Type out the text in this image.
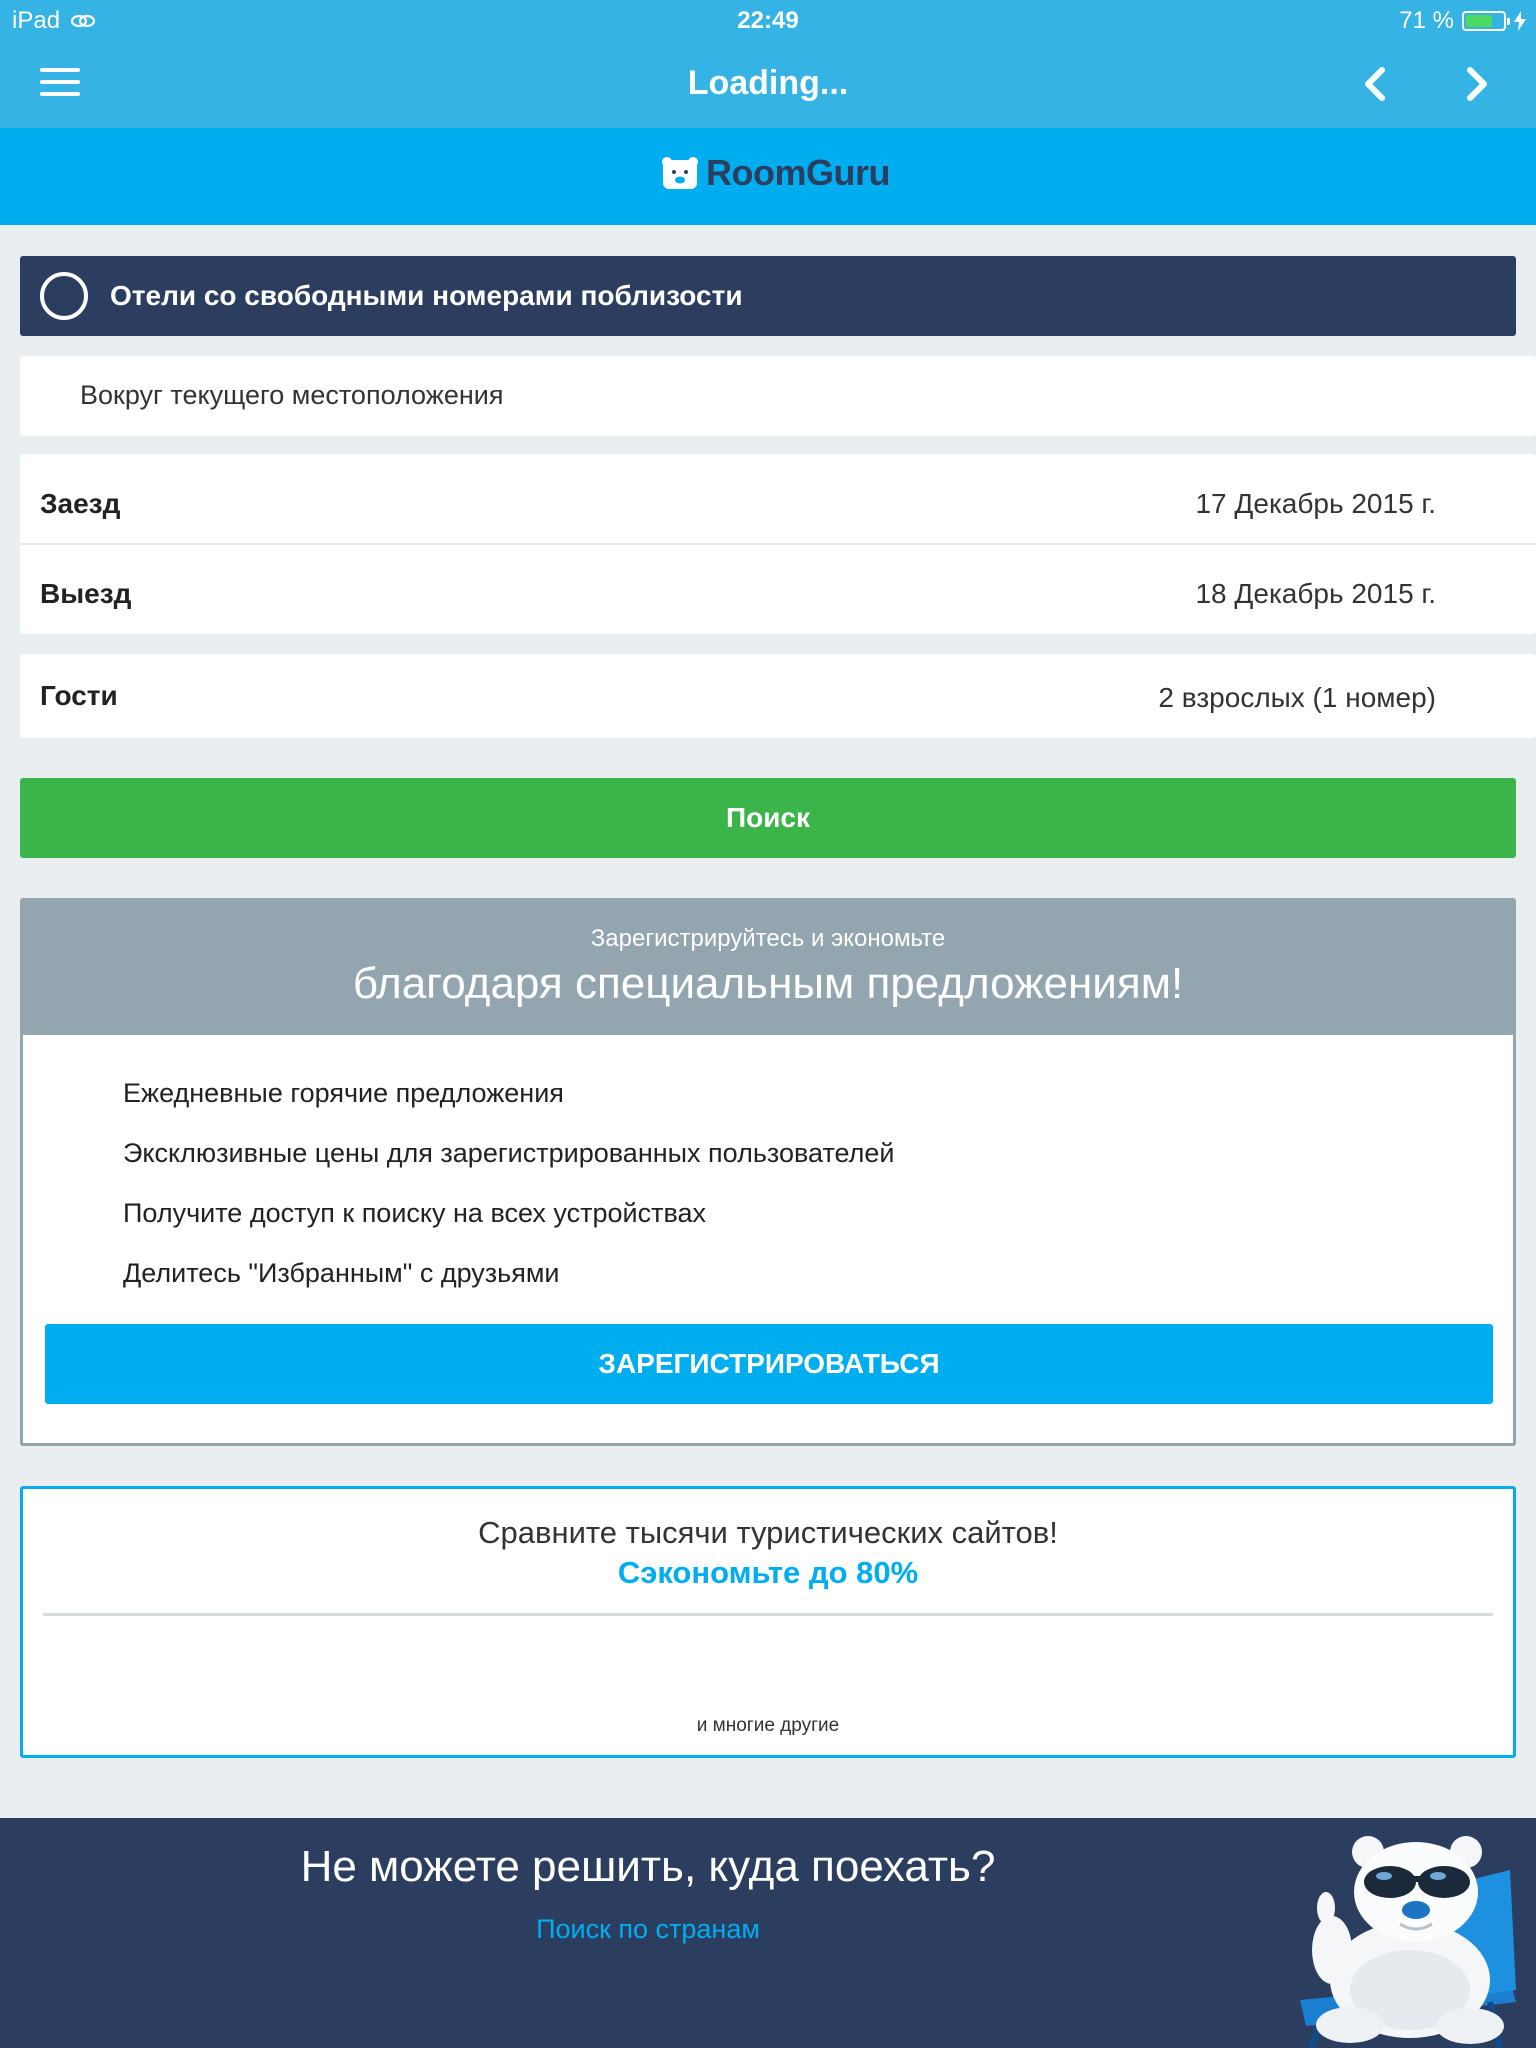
iPad	22:49	71 %
Loading...
RoomGuru
Отели со свободными номерами поблизости
Вокруг текущего местоположения
Заезд	17 Декабрь 2015 г.
Выезд	18 Декабрь 2015 г.
Гости	2 взрослых (1 номер)
Поиск
Зарегистрируйтесь и экономьте
благодаря специальным предложениям!
Ежедневные горячие предложения
Эксклюзивные цены для зарегистрированных пользователей
Получите доступ к поиску на всех устройствах
Делитесь "Избранным" с друзьями
ЗАРЕГИСТРИРОВАТЬСЯ
Сравните тысячи туристических сайтов!
Сэкономьте до 80%
и многие другие
Не можете решить, куда поехать?
Поиск по странам
